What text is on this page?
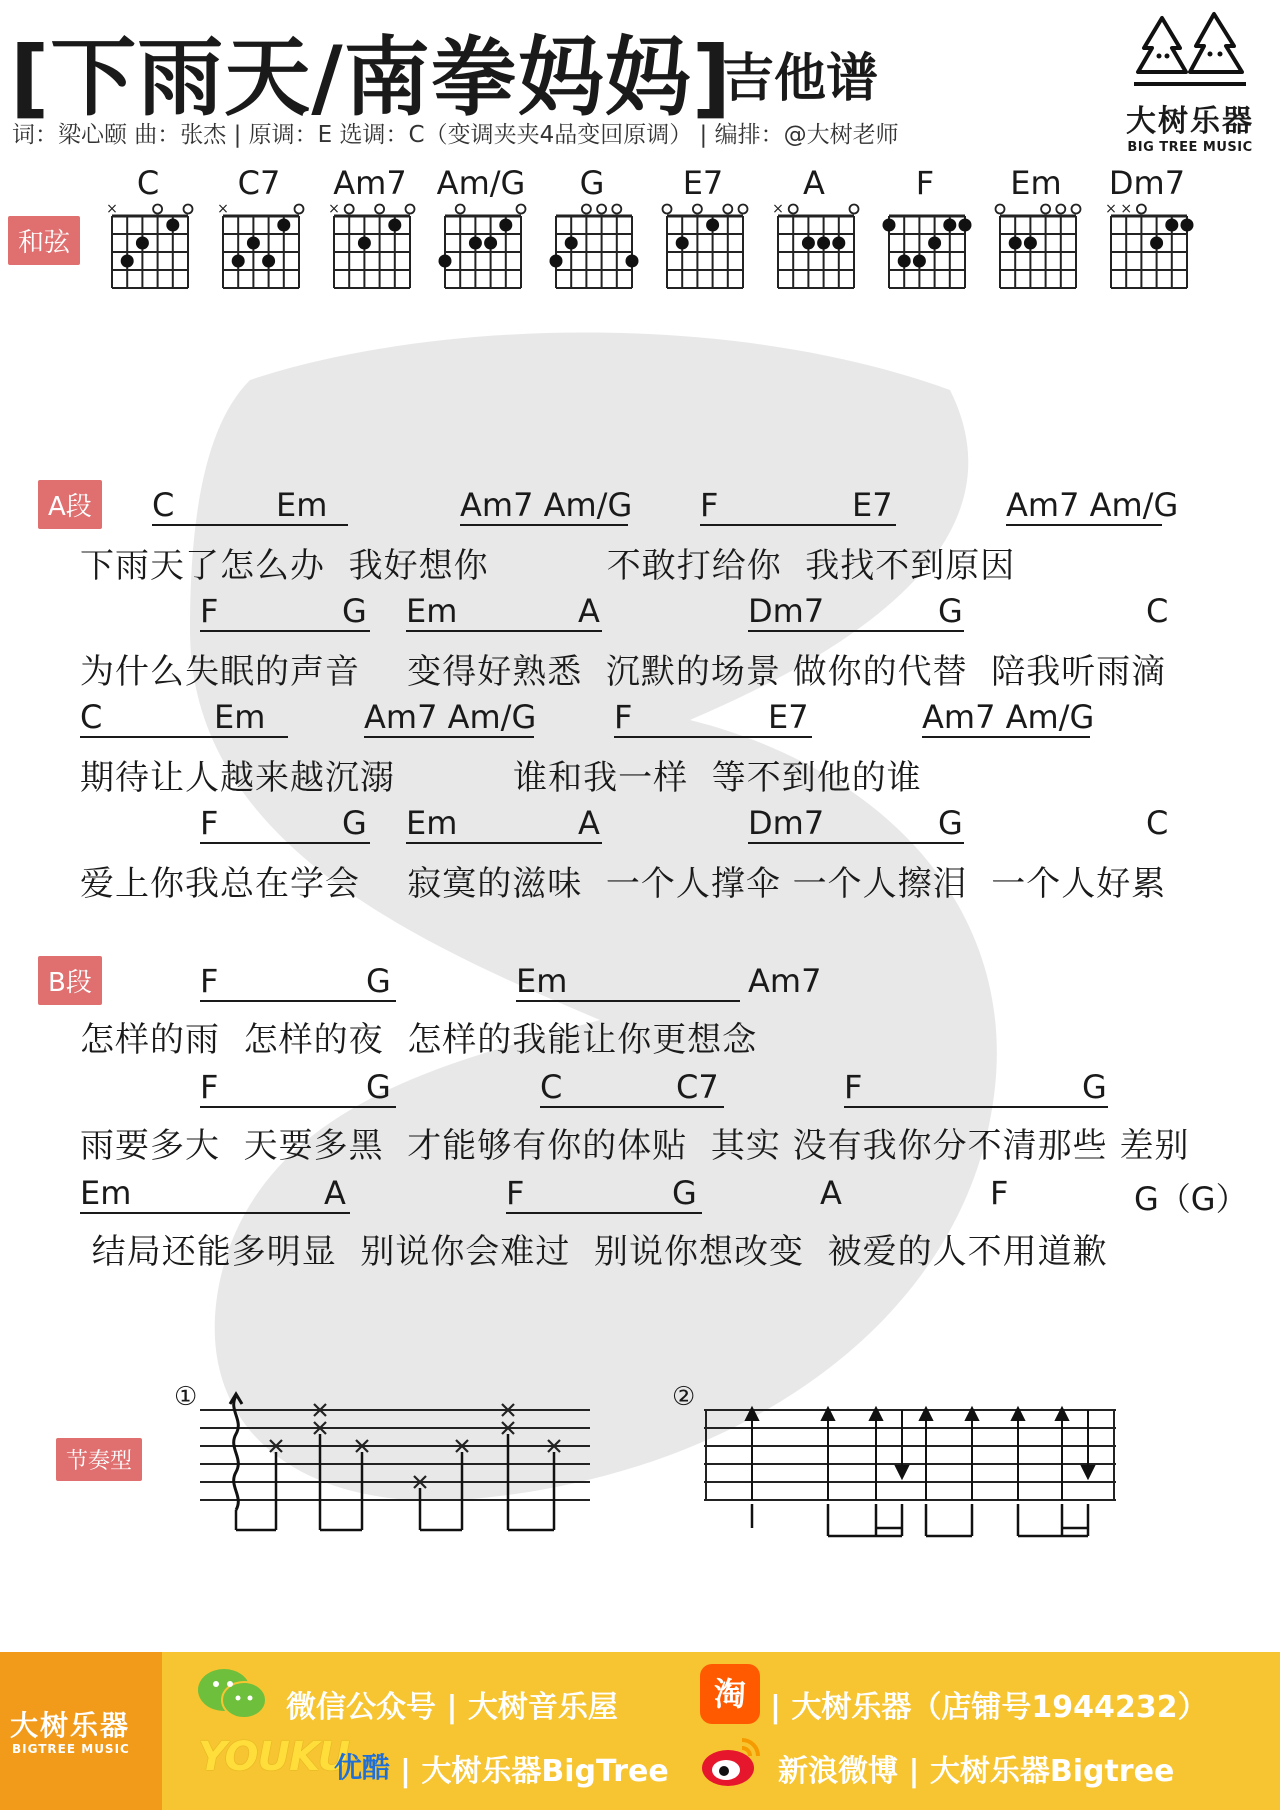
[下雨天/南拳妈妈]
吉他谱
词：梁心颐 曲：张杰 | 原调：E 选调：C（变调夹夹4品变回原调） | 编排：@大树老师	大树乐器
BIG TREE MUSIC
和弦
C
×
C7
×
Am7
×
Am/G	G	E7	A
×
F	Em	Dm7
× ×
A段	C	Em	Am7 Am/G F	E7	Am7 Am/G
下雨天了怎么办  我好想你          不敢打给你  我找不到原因
F	G Em	A	Dm7	G	C
为什么失眠的声音    变得好熟悉  沉默的场景 做你的代替  陪我听雨滴
C	Em	Am7 Am/G F	E7	Am7 Am/G
期待让人越来越沉溺          谁和我一样  等不到他的谁
F	G Em	A	Dm7	G	C
爱上你我总在学会    寂寞的滋味  一个人撑伞 一个人擦泪  一个人好累
B段	F	G	Em	Am7
怎样的雨  怎样的夜  怎样的我能让你更想念
F	G	C	C7	F	G
雨要多大  天要多黑  才能够有你的体贴  其实 没有我你分不清那些 差别
Em	A	F	G	A	F	G（G）
结局还能多明显  别说你会难过  别说你想改变  被爱的人不用道歉
节奏型
①	②
大树乐器
BIGTREE MUSIC
微信公众号 | 大树音乐屋	淘 | 大树乐器（店铺号1944232）
YOUKU
优酷 | 大树乐器BigTree	新浪微博 | 大树乐器Bigtree
